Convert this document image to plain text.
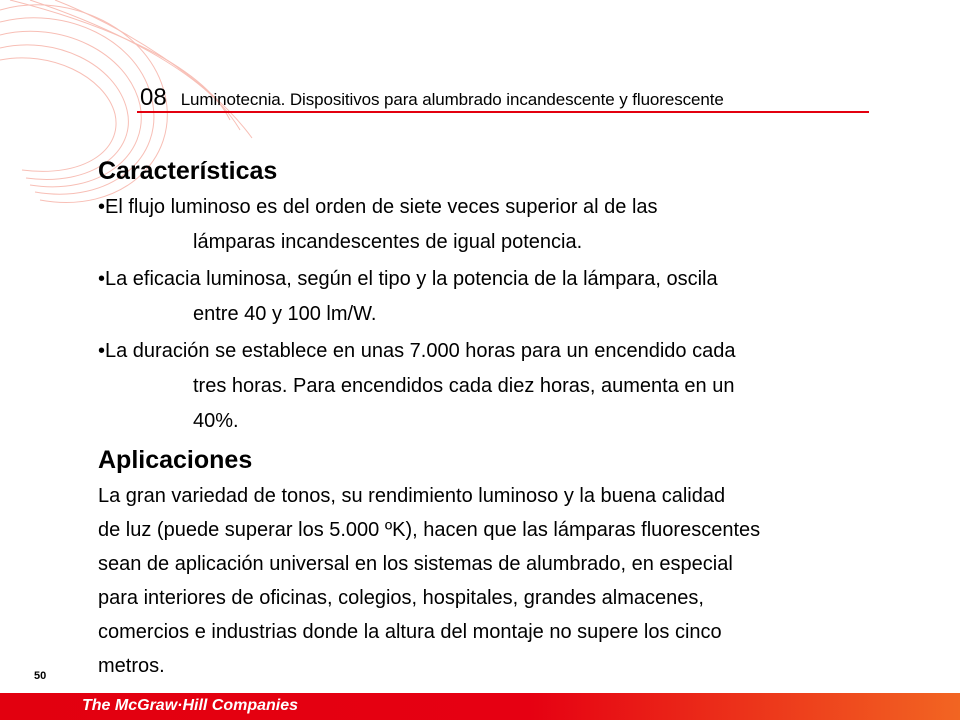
08 Luminotecnia. Dispositivos para alumbrado incandescente y fluorescente
Características

•El flujo luminoso es del orden de siete veces superior al de las
lámparas incandescentes de igual potencia.

•La eficacia luminosa, según el tipo y la potencia de la lámpara, oscila
entre 40 y 100 lm/W.

•La duración se establece en unas 7.000 horas para un encendido cada
tres horas. Para encendidos cada diez horas, aumenta en un
40%.

Aplicaciones

La gran variedad de tonos, su rendimiento luminoso y la buena calidad
de luz (puede superar los 5.000 ºK), hacen que las lámparas fluorescentes
sean de aplicación universal en los sistemas de alumbrado, en especial
para interiores de oficinas, colegios, hospitales, grandes almacenes,
comercios e industrias donde la altura del montaje no supere los cinco
metros.

50
The McGraw·Hill Companies
